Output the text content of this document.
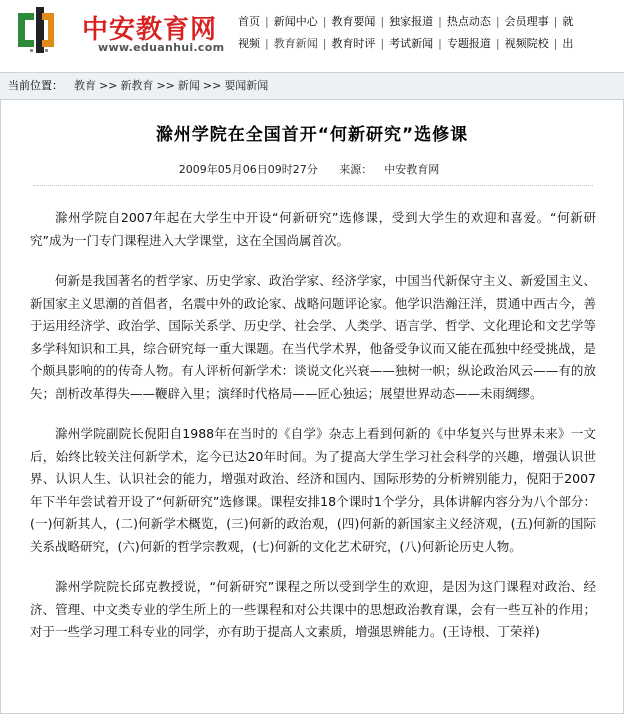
中安教育网
www.eduanhui.com
首页 | 新闻中心 | 教育要闻 | 独家报道 | 热点动态 | 会员理事 | 就
视频 | 教育新闻 | 教育时评 | 考试新闻 | 专题报道 | 视频院校 | 出
当前位置： 教育 >> 新教育 >> 新闻 >> 要闻新闻
滁州学院在全国首开“何新研究”选修课
2009年05月06日09时27分 来源： 中安教育网

滁州学院自2007年起在大学生中开设“何新研究”选修课，受到大学生的欢迎和喜爱。“何新研究”成为一门专门课程进入大学课堂，这在全国尚属首次。

何新是我国著名的哲学家、历史学家、政治学家、经济学家，中国当代新保守主义、新爱国主义、新国家主义思潮的首倡者，名震中外的政论家、战略问题评论家。他学识浩瀚汪洋，贯通中西古今，善于运用经济学、政治学、国际关系学、历史学、社会学、人类学、语言学、哲学、文化理论和文艺学等多学科知识和工具，综合研究每一重大课题。在当代学术界，他备受争议而又能在孤独中经受挑战，是个颇具影响的的传奇人物。有人评析何新学术：谈说文化兴衰——独树一帜；纵论政治风云——有的放矢；剖析改革得失——鞭辟入里；演绎时代格局——匠心独运；展望世界动态——未雨绸缪。

滁州学院副院长倪阳自1988年在当时的《自学》杂志上看到何新的《中华复兴与世界未来》一文后，始终比较关注何新学术，迄今已达20年时间。为了提高大学生学习社会科学的兴趣，增强认识世界、认识人生、认识社会的能力，增强对政治、经济和国内、国际形势的分析辨别能力，倪阳于2007年下半年尝试着开设了“何新研究”选修课。课程安排18个课时1个学分，具体讲解内容分为八个部分：(一)何新其人，(二)何新学术概览，(三)何新的政治观，(四)何新的新国家主义经济观，(五)何新的国际关系战略研究，(六)何新的哲学宗教观，(七)何新的文化艺术研究，(八)何新论历史人物。

滁州学院院长邱克教授说，“何新研究”课程之所以受到学生的欢迎，是因为这门课程对政治、经济、管理、中文类专业的学生所上的一些课程和对公共课中的思想政治教育课，会有一些互补的作用；对于一些学习理工科专业的同学，亦有助于提高人文素质，增强思辨能力。(王诗根、丁荣祥)
